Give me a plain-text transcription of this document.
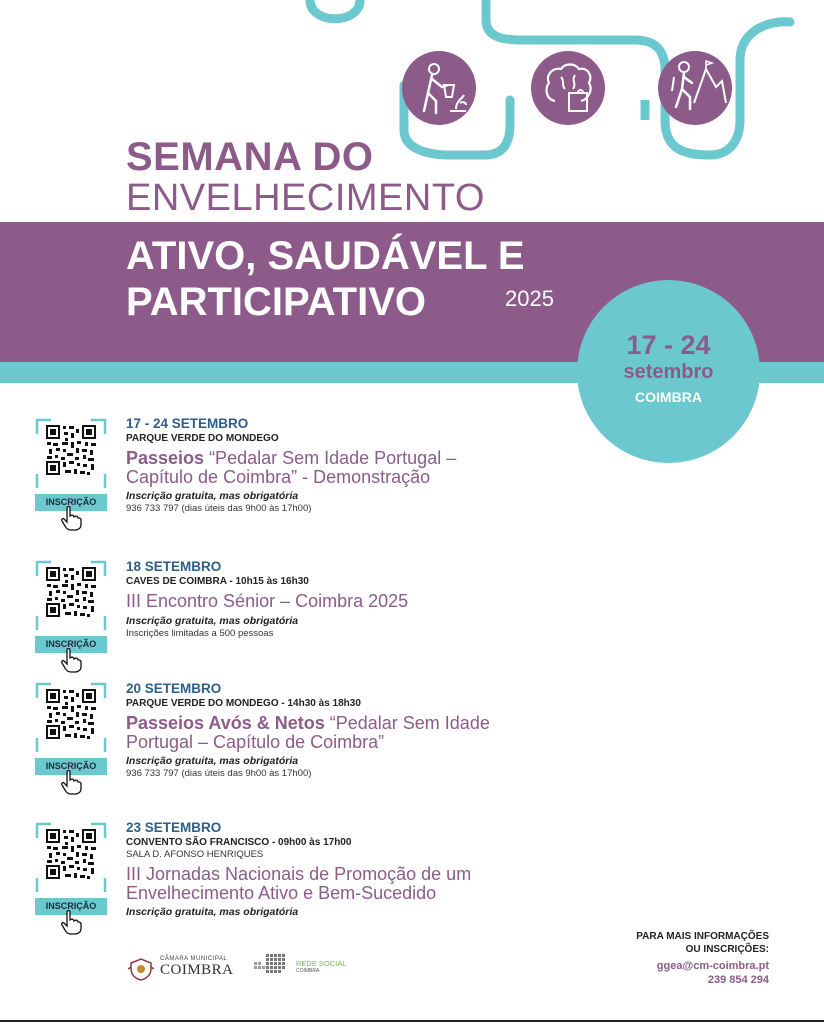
SEMANA DO
ENVELHECIMENTO
ATIVO, SAUDÁVEL E
PARTICIPATIVO	2025
17 - 24
setembro
COIMBRA
INSCRIÇÃO
17 - 24 SETEMBRO
PARQUE VERDE DO MONDEGO
Passeios “Pedalar Sem Idade Portugal –
Capítulo de Coimbra” - Demonstração
Inscrição gratuita, mas obrigatória
936 733 797 (dias úteis das 9h00 às 17h00)
INSCRIÇÃO
18 SETEMBRO
CAVES DE COIMBRA - 10h15 às 16h30
III Encontro Sénior – Coimbra 2025
Inscrição gratuita, mas obrigatória
Inscrições limitadas a 500 pessoas
INSCRIÇÃO
20 SETEMBRO
PARQUE VERDE DO MONDEGO - 14h30 às 18h30
Passeios Avós & Netos “Pedalar Sem Idade
Portugal – Capítulo de Coimbra”
Inscrição gratuita, mas obrigatória
936 733 797 (dias úteis das 9h00 às 17h00)
INSCRIÇÃO
23 SETEMBRO
CONVENTO SÃO FRANCISCO - 09h00 às 17h00
SALA D. AFONSO HENRIQUES
III Jornadas Nacionais de Promoção de um
Envelhecimento Ativo e Bem-Sucedido
Inscrição gratuita, mas obrigatória
CÂMARA MUNICIPAL
COIMBRA	REDE SOCIAL
COIMBRA
PARA MAIS INFORMAÇÕES
OU INSCRIÇÕES:
ggea@cm-coimbra.pt
239 854 294
